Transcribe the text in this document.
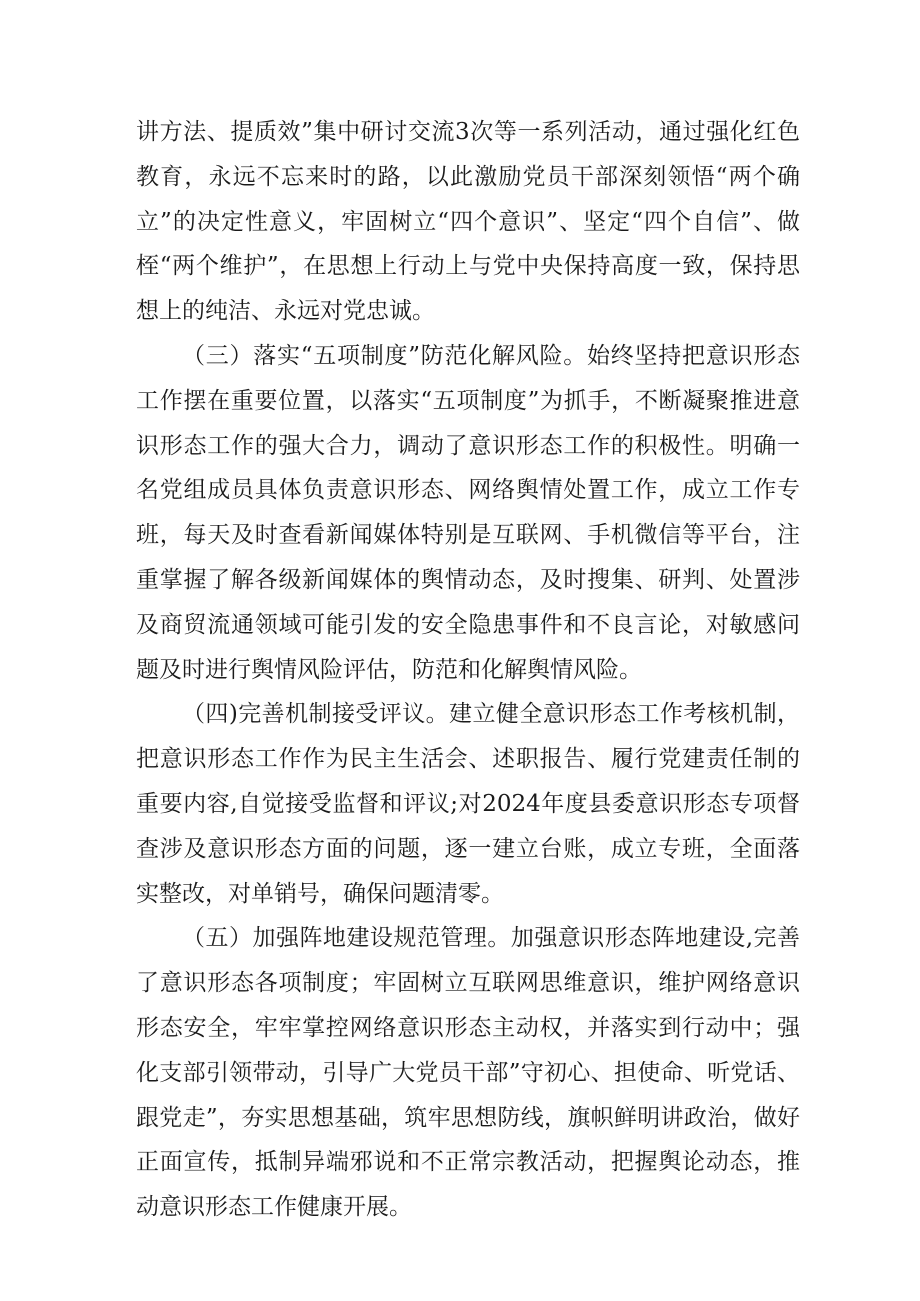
讲方法、提质效”集中研讨交流3次等一系列活动，通过强化红色教育，永远不忘来时的路，以此激励党员干部深刻领悟“两个确立”的决定性意义，牢固树立“四个意识”、坚定“四个自信”、做桎“两个维护”，在思想上行动上与党中央保持高度一致，保持思想上的纯洁、永远对党忠诚。

（三）落实“五项制度”防范化解风险。始终坚持把意识形态工作摆在重要位置，以落实“五项制度”为抓手，不断凝聚推进意识形态工作的强大合力，调动了意识形态工作的积极性。明确一名党组成员具体负责意识形态、网络舆情处置工作，成立工作专班，每天及时查看新闻媒体特别是互联网、手机微信等平台，注重掌握了解各级新闻媒体的舆情动态，及时搜集、研判、处置涉及商贸流通领域可能引发的安全隐患事件和不良言论，对敏感问题及时进行舆情风险评估，防范和化解舆情风险。

（四)完善机制接受评议。建立健全意识形态工作考核机制，把意识形态工作作为民主生活会、述职报告、履行党建责任制的重要内容,自觉接受监督和评议;对2024年度县委意识形态专项督查涉及意识形态方面的问题，逐一建立台账，成立专班，全面落实整改，对单销号，确保问题清零。

（五）加强阵地建设规范管理。加强意识形态阵地建设,完善了意识形态各项制度；牢固树立互联网思维意识，维护网络意识形态安全，牢牢掌控网络意识形态主动权，并落实到行动中；强化支部引领带动，引导广大党员干部”守初心、担使命、听党话、跟党走”，夯实思想基础，筑牢思想防线，旗帜鲜明讲政治，做好正面宣传，抵制异端邪说和不正常宗教活动，把握舆论动态，推动意识形态工作健康开展。
